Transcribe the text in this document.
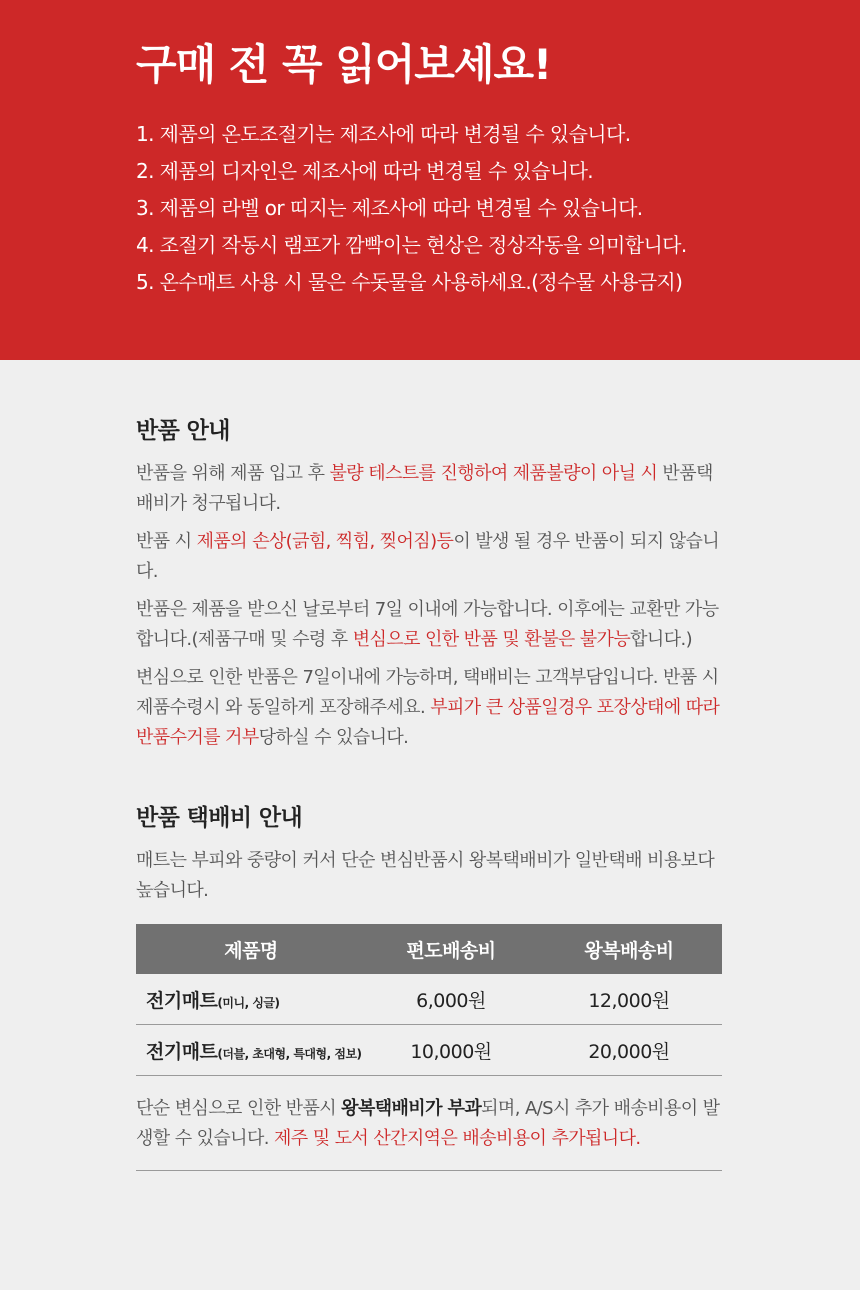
구매 전 꼭 읽어보세요!
1. 제품의 온도조절기는 제조사에 따라 변경될 수 있습니다.
2. 제품의 디자인은 제조사에 따라 변경될 수 있습니다.
3. 제품의 라벨 or 띠지는 제조사에 따라 변경될 수 있습니다.
4. 조절기 작동시 램프가 깜빡이는 현상은 정상작동을 의미합니다.
5. 온수매트 사용 시 물은 수돗물을 사용하세요.(정수물 사용금지)
반품 안내

반품을 위해 제품 입고 후 불량 테스트를 진행하여 제품불량이 아닐 시 반품택배비가 청구됩니다.

반품 시 제품의 손상(긁힘, 찍힘, 찢어짐)등이 발생 될 경우 반품이 되지 않습니다.

반품은 제품을 받으신 날로부터 7일 이내에 가능합니다. 이후에는 교환만 가능합니다.(제품구매 및 수령 후 변심으로 인한 반품 및 환불은 불가능합니다.)

변심으로 인한 반품은 7일이내에 가능하며, 택배비는 고객부담입니다. 반품 시 제품수령시 와 동일하게 포장해주세요. 부피가 큰 상품일경우 포장상태에 따라 반품수거를 거부당하실 수 있습니다.

반품 택배비 안내

매트는 부피와 중량이 커서 단순 변심반품시 왕복택배비가 일반택배 비용보다 높습니다.

제품명	편도배송비	왕복배송비
전기매트(미니, 싱글)	6,000원	12,000원
전기매트(더블, 초대형, 특대형, 점보)	10,000원	20,000원

단순 변심으로 인한 반품시 왕복택배비가 부과되며, A/S시 추가 배송비용이 발생할 수 있습니다. 제주 및 도서 산간지역은 배송비용이 추가됩니다.
